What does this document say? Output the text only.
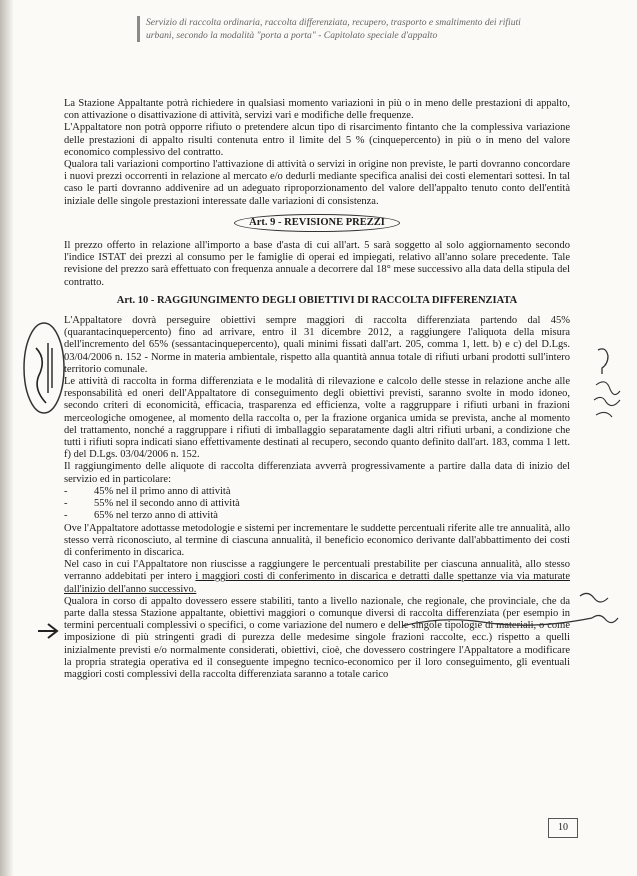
Servizio di raccolta ordinaria, raccolta differenziata, recupero, trasporto e smaltimento dei rifiuti
urbani, secondo la modalità "porta a porta" - Capitolato speciale d'appalto

La Stazione Appaltante potrà richiedere in qualsiasi momento variazioni in più o in meno delle prestazioni di appalto, con attivazione o disattivazione di attività, servizi vari e modifiche delle frequenze.

L'Appaltatore non potrà opporre rifiuto o pretendere alcun tipo di risarcimento fintanto che la complessiva variazione delle prestazioni di appalto risulti contenuta entro il limite del 5 % (cinquepercento) in più o in meno del valore economico complessivo del contratto.

Qualora tali variazioni comportino l'attivazione di attività o servizi in origine non previste, le parti dovranno concordare i nuovi prezzi occorrenti in relazione al mercato e/o dedurli mediante specifica analisi dei costi elementari sottesi. In tal caso le parti dovranno addivenire ad un adeguato riproporzionamento del valore dell'appalto tenuto conto dell'entità iniziale delle singole prestazioni interessate dalle variazioni di consistenza.

Art. 9 - REVISIONE PREZZI

Il prezzo offerto in relazione all'importo a base d'asta di cui all'art. 5 sarà soggetto al solo aggiornamento secondo l'indice ISTAT dei prezzi al consumo per le famiglie di operai ed impiegati, relativo all'anno solare precedente. Tale revisione del prezzo sarà effettuato con frequenza annuale a decorrere dal 18° mese successivo alla data della stipula del contratto.

Art. 10 - RAGGIUNGIMENTO DEGLI OBIETTIVI DI RACCOLTA DIFFERENZIATA

L'Appaltatore dovrà perseguire obiettivi sempre maggiori di raccolta differenziata partendo dal 45% (quarantacinquepercento) fino ad arrivare, entro il 31 dicembre 2012, a raggiungere l'aliquota della misura dell'incremento del 65% (sessantacinquepercento), quali minimi fissati dall'art. 205, comma 1, lett. b) e c) del D.Lgs. 03/04/2006 n. 152 - Norme in materia ambientale, rispetto alla quantità annua totale di rifiuti urbani prodotti sull'intero territorio comunale.

Le attività di raccolta in forma differenziata e le modalità di rilevazione e calcolo delle stesse in relazione anche alle responsabilità ed oneri dell'Appaltatore di conseguimento degli obiettivi previsti, saranno svolte in modo idoneo, secondo criteri di economicità, efficacia, trasparenza ed efficienza, volte a raggruppare i rifiuti urbani in frazioni merceologiche omogenee, al momento della raccolta o, per la frazione organica umida se prevista, anche al momento del trattamento, nonché a raggruppare i rifiuti di imballaggio separatamente dagli altri rifiuti urbani, a condizione che tutti i rifiuti sopra indicati siano effettivamente destinati al recupero, secondo quanto definito dall'art. 183, comma 1 lett. f) del D.Lgs. 03/04/2006 n. 152.

Il raggiungimento delle aliquote di raccolta differenziata avverrà progressivamente a partire dalla data di inizio del servizio ed in particolare:

- 45% nel il primo anno di attività
- 55% nel il secondo anno di attività
- 65% nel terzo anno di attività

Ove l'Appaltatore adottasse metodologie e sistemi per incrementare le suddette percentuali riferite alle tre annualità, allo stesso verrà riconosciuto, al termine di ciascuna annualità, il beneficio economico derivante dall'abbattimento dei costi di conferimento in discarica.

Nel caso in cui l'Appaltatore non riuscisse a raggiungere le percentuali prestabilite per ciascuna annualità, allo stesso verranno addebitati per intero i maggiori costi di conferimento in discarica e detratti dalle spettanze via via maturate dall'inizio dell'anno successivo.

Qualora in corso di appalto dovessero essere stabiliti, tanto a livello nazionale, che regionale, che provinciale, che da parte dalla stessa Stazione appaltante, obiettivi maggiori o comunque diversi di raccolta differenziata (per esempio in termini percentuali complessivi o specifici, o come variazione del numero e delle singole tipologie di materiali, o come imposizione di più stringenti gradi di purezza delle medesime singole frazioni raccolte, ecc.) rispetto a quelli inizialmente previsti e/o normalmente considerati, obiettivi, cioè, che dovessero costringere l'Appaltatore a modificare la propria strategia operativa ed il conseguente impegno tecnico-economico per il loro conseguimento, gli eventuali maggiori costi complessivi della raccolta differenziata saranno a totale carico

10
